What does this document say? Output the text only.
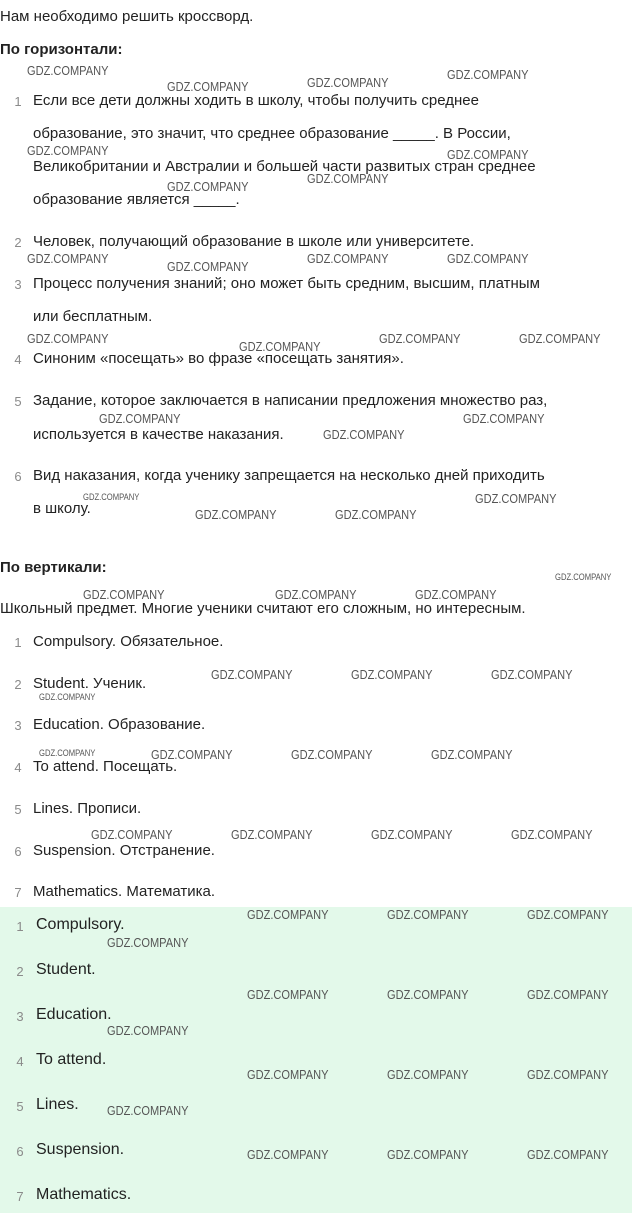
Нам необходимо решить кроссворд.
По горизонтали:
1 Если все дети должны ходить в школу, чтобы получить среднее
образование, это значит, что среднее образование _____. В России,
Великобритании и Австралии и большей части развитых стран среднее
образование является _____.
2 Человек, получающий образование в школе или университете.
3 Процесс получения знаний; оно может быть средним, высшим, платным
или бесплатным.
4 Синоним «посещать» во фразе «посещать занятия».
5 Задание, которое заключается в написании предложения множество раз,
используется в качестве наказания.
6 Вид наказания, когда ученику запрещается на несколько дней приходить
в школу.
По вертикали:
Школьный предмет. Многие ученики считают его сложным, но интересным.
1 Compulsory. Обязательное.
2 Student. Ученик.
3 Education. Образование.
4 To attend. Посещать.
5 Lines. Прописи.
6 Suspension. Отстранение.
7 Mathematics. Математика.
1 Compulsory.
2 Student.
3 Education.
4 To attend.
5 Lines.
6 Suspension.
7 Mathematics.
GDZ.COMPANY
GDZ.COMPANY	GDZ.COMPANY
GDZ.COMPANY
GDZ.COMPANY	GDZ.COMPANY
GDZ.COMPANY
GDZ.COMPANY
GDZ.COMPANY
GDZ.COMPANY
GDZ.COMPANY	GDZ.COMPANY
GDZ.COMPANY
GDZ.COMPANY
GDZ.COMPANY	GDZ.COMPANY
GDZ.COMPANY
GDZ.COMPANY
GDZ.COMPANY
GDZ.COMPANY	GDZ.COMPANY
GDZ.COMPANY	GDZ.COMPANY
GDZ.COMPANY
GDZ.COMPANY	GDZ.COMPANY	GDZ.COMPANY
GDZ.COMPANY	GDZ.COMPANY	GDZ.COMPANY
GDZ.COMPANY
GDZ.COMPANY	GDZ.COMPANY	GDZ.COMPANY	GDZ.COMPANY
GDZ.COMPANY	GDZ.COMPANY	GDZ.COMPANY	GDZ.COMPANY
GDZ.COMPANY	GDZ.COMPANY	GDZ.COMPANY
GDZ.COMPANY
GDZ.COMPANY	GDZ.COMPANY	GDZ.COMPANY
GDZ.COMPANY
GDZ.COMPANY	GDZ.COMPANY	GDZ.COMPANY
GDZ.COMPANY
GDZ.COMPANY	GDZ.COMPANY	GDZ.COMPANY
